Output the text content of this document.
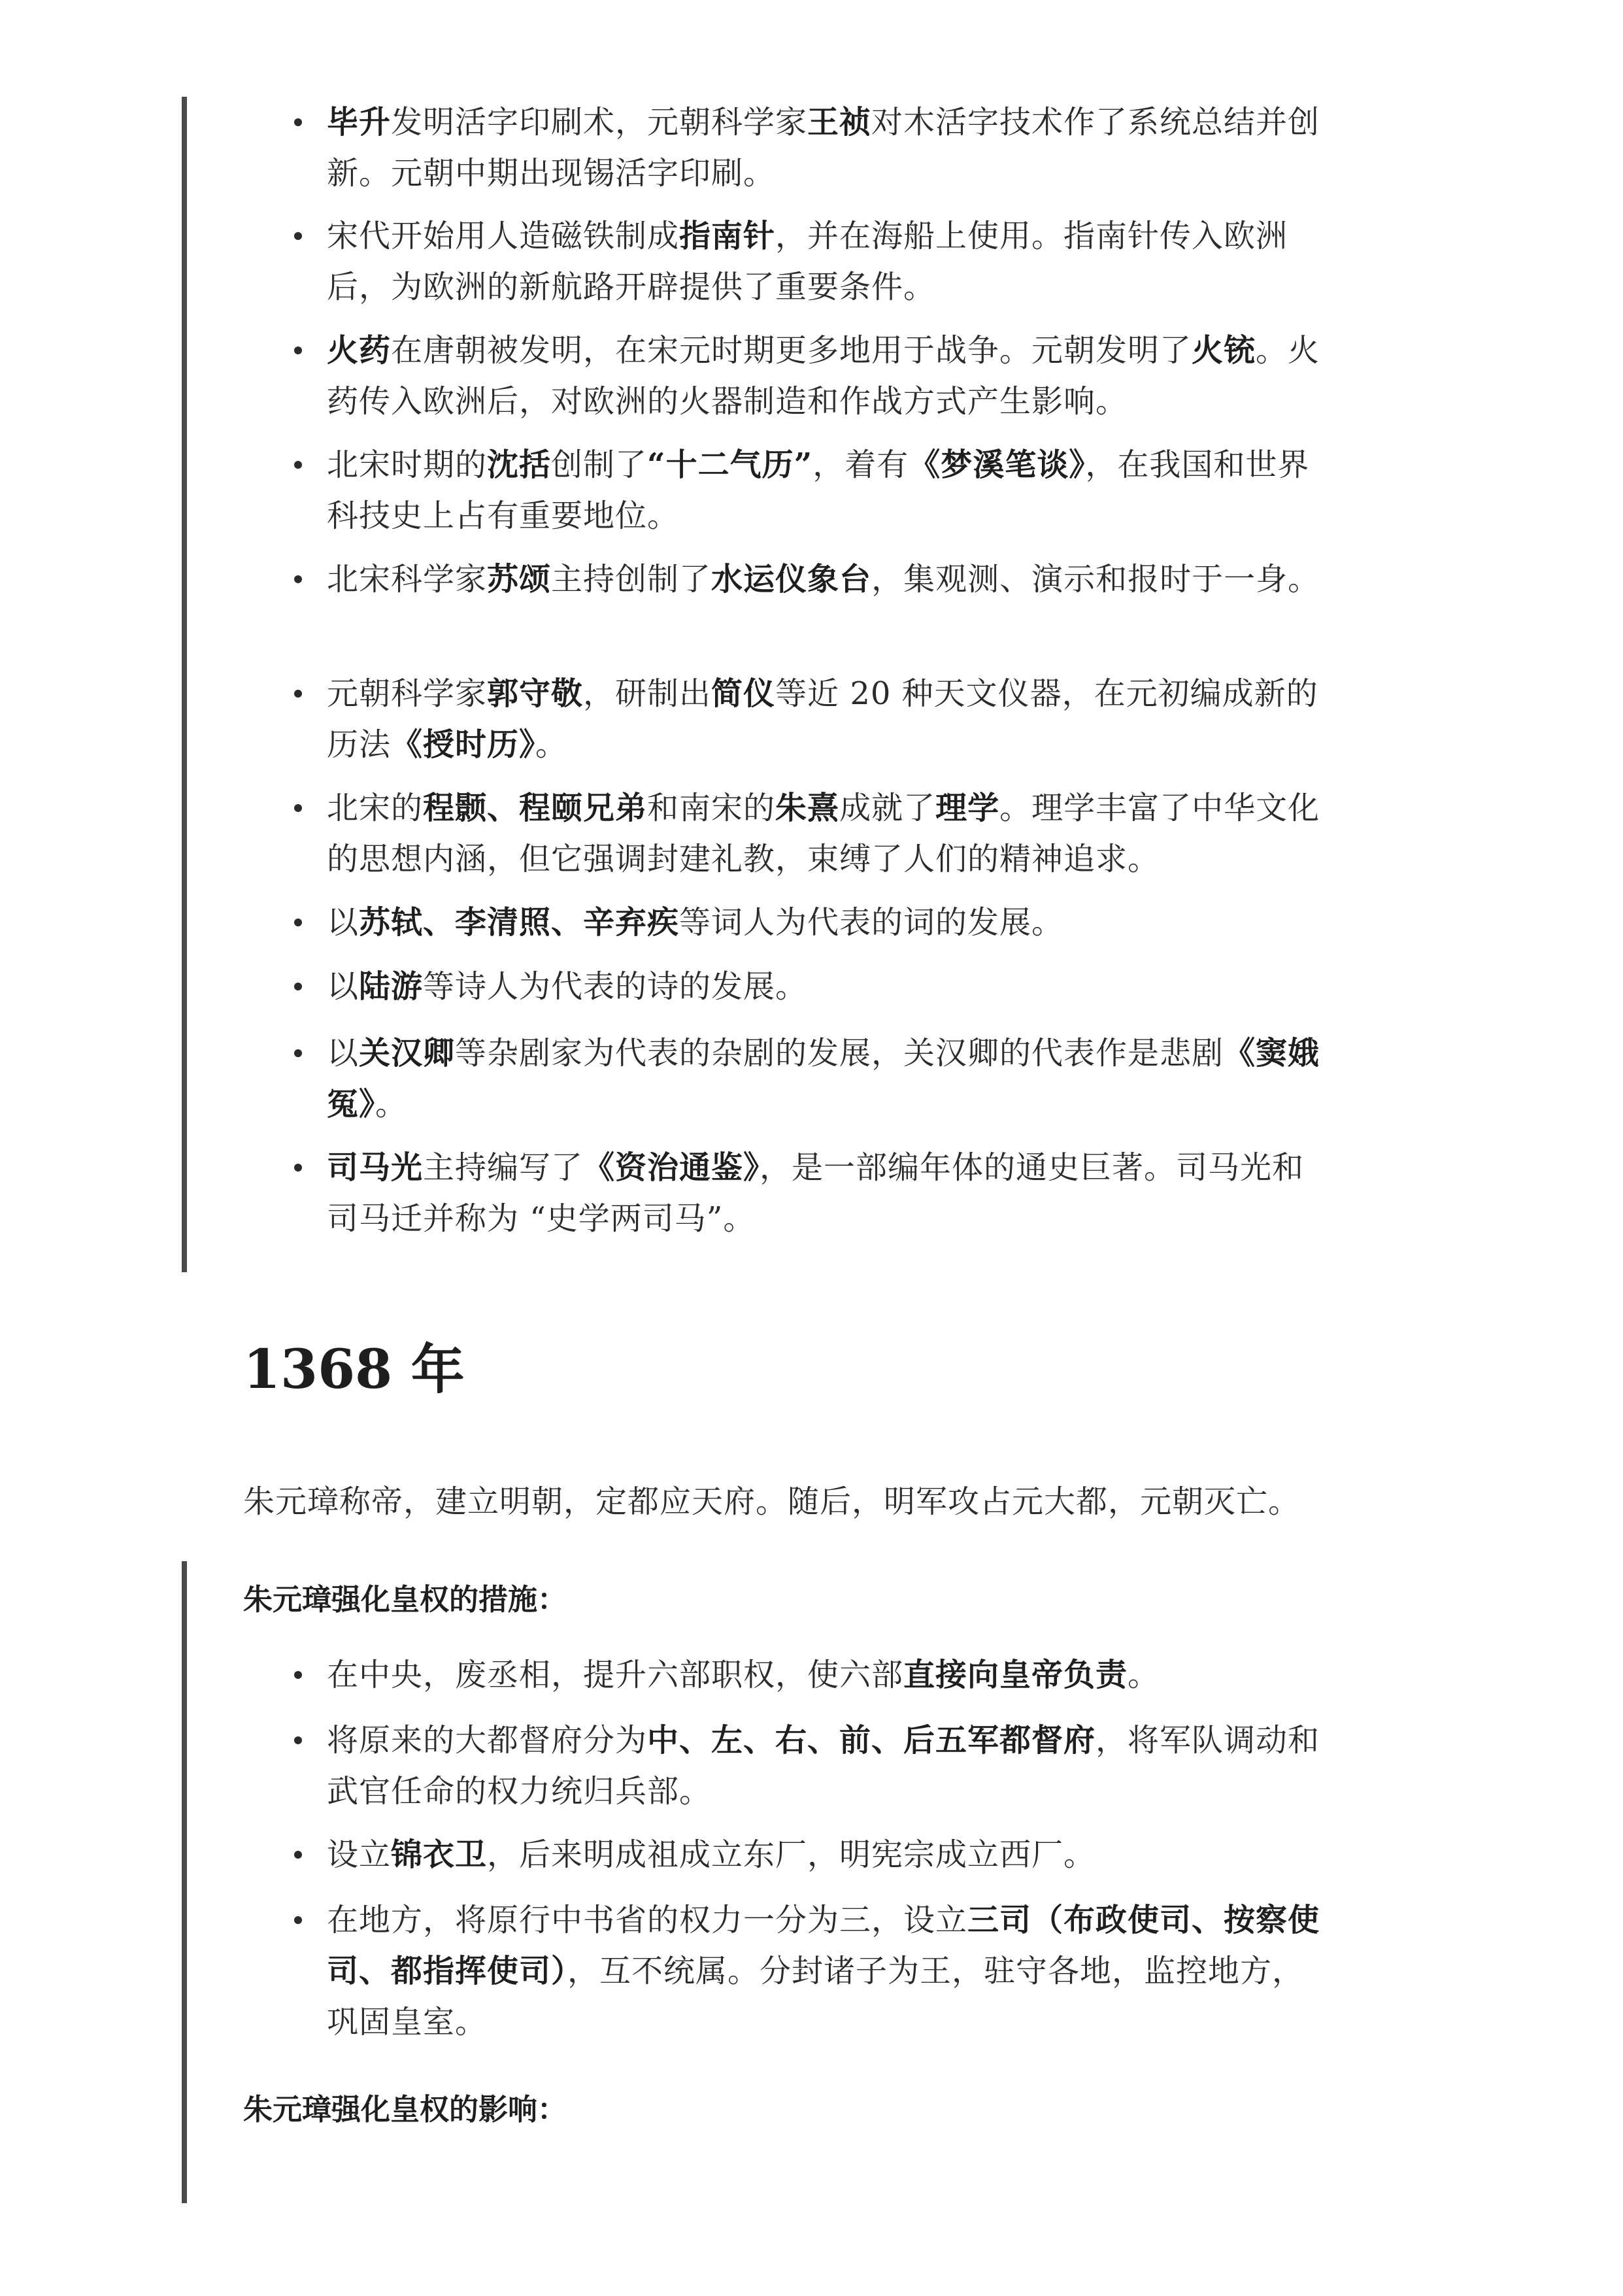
毕升发明活字印刷术，元朝科学家王祯对木活字技术作了系统总结并创新。元朝中期出现锡活字印刷。
宋代开始用人造磁铁制成指南针，并在海船上使用。指南针传入欧洲后，为欧洲的新航路开辟提供了重要条件。
火药在唐朝被发明，在宋元时期更多地用于战争。元朝发明了火铳。火药传入欧洲后，对欧洲的火器制造和作战方式产生影响。
北宋时期的沈括创制了“十二气历”，着有《梦溪笔谈》，在我国和世界科技史上占有重要地位。
北宋科学家苏颂主持创制了水运仪象台，集观测、演示和报时于一身。
元朝科学家郭守敬，研制出简仪等近 20 种天文仪器，在元初编成新的历法《授时历》。
北宋的程颢、程颐兄弟和南宋的朱熹成就了理学。理学丰富了中华文化的思想内涵，但它强调封建礼教，束缚了人们的精神追求。
以苏轼、李清照、辛弃疾等词人为代表的词的发展。
以陆游等诗人为代表的诗的发展。
以关汉卿等杂剧家为代表的杂剧的发展，关汉卿的代表作是悲剧《窦娥冤》。
司马光主持编写了《资治通鉴》，是一部编年体的通史巨著。司马光和司马迁并称为 “史学两司马”。
1368 年

朱元璋称帝，建立明朝，定都应天府。随后，明军攻占元大都，元朝灭亡。

朱元璋强化皇权的措施：
在中央，废丞相，提升六部职权，使六部直接向皇帝负责。
将原来的大都督府分为中、左、右、前、后五军都督府，将军队调动和武官任命的权力统归兵部。
设立锦衣卫，后来明成祖成立东厂，明宪宗成立西厂。
在地方，将原行中书省的权力一分为三，设立三司（布政使司、按察使司、都指挥使司），互不统属。分封诸子为王，驻守各地，监控地方，巩固皇室。
朱元璋强化皇权的影响：
